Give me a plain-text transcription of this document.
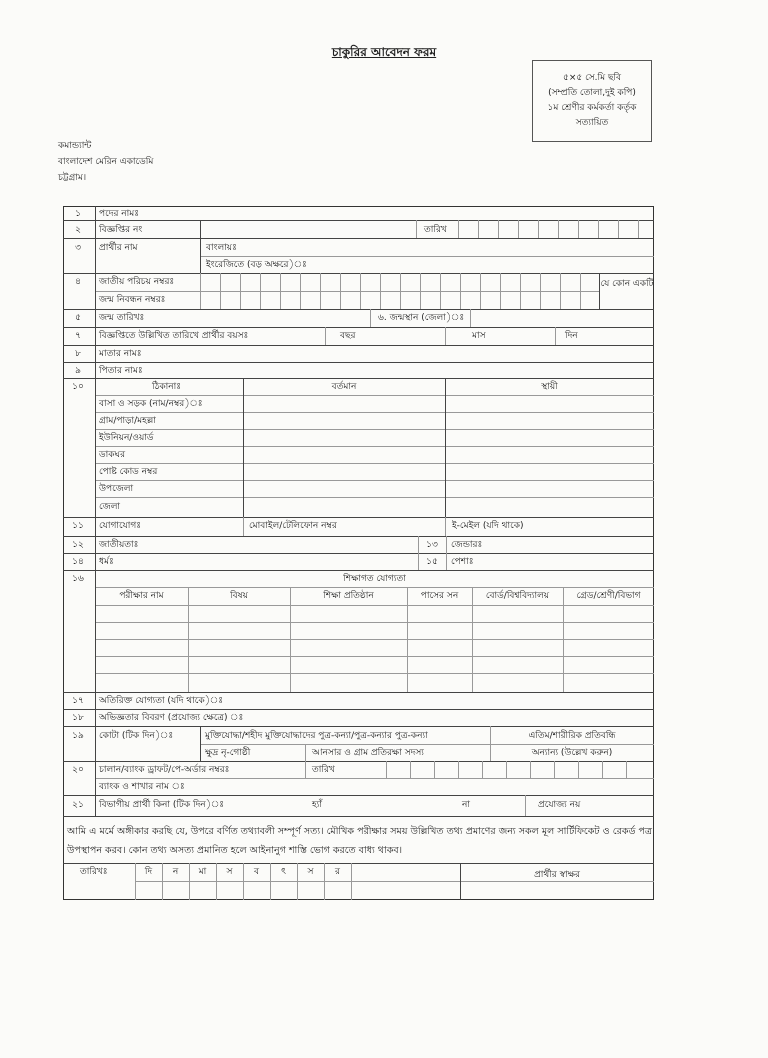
চাকুরির আবেদন ফরম
৫×৫ সে.মি ছবি
(সম্প্রতি তোলা,দুই কপি)
১ম শ্রেণীর কর্মকর্তা কর্তৃক
সত্যায়িত
কমান্ড্যান্ট
বাংলাদেশ মেরিন একাডেমি
চট্টগ্রাম।
১	পদের নামঃ
২	বিজ্ঞপ্তির নং	তারিখ
৩	প্রার্থীর নাম	বাংলায়ঃ
ইংরেজিতে (বড় অক্ষরে)ঃ
৪	জাতীয় পরিচয় নম্বরঃ
জন্ম নিবন্ধন নম্বরঃ
যে কোন একটি
৫	জন্ম তারিখঃ	৬. জন্মস্থান (জেলা)ঃ
৭	বিজ্ঞপ্তিতে উল্লিখিত তারিখে প্রার্থীর বয়সঃ	বছর	মাস	দিন
৮	মাতার নামঃ
৯	পিতার নামঃ
১০	ঠিকানাঃ	বর্তমান	স্থায়ী
বাসা ও সড়ক (নাম/নম্বর)ঃ
গ্রাম/পাড়া/মহল্লা
ইউনিয়ন/ওয়ার্ড
ডাকঘর
পোষ্ট কোড নম্বর
উপজেলা
জেলা
১১	যোগাযোগঃ	মোবাইল/টেলিফোন নম্বর	ই-মেইল (যদি থাকে)
১২	জাতীয়তাঃ	১৩	জেন্ডারঃ
১৪	ধর্মঃ	১৫	পেশাঃ
১৬	শিক্ষাগত যোগ্যতা
পরীক্ষার নাম	বিষয়	শিক্ষা প্রতিষ্ঠান	পাসের সন	বোর্ড/বিশ্ববিদ্যালয়	গ্রেড/শ্রেণী/বিভাগ
১৭	অতিরিক্ত যোগ্যতা (যদি থাকে)ঃ
১৮	অভিজ্ঞতার বিবরণ (প্রযোজ্য ক্ষেত্রে) ঃ
১৯	কোটা (টিক দিন)ঃ	মুক্তিযোদ্ধা/শহীদ মুক্তিযোদ্ধাদের পুত্র-কন্যা/পুত্র-কন্যার পুত্র-কন্যা	এতিম/শারীরিক প্রতিবন্ধি
ক্ষুদ্র নৃ-গোষ্ঠী	আনসার ও গ্রাম প্রতিরক্ষা সদস্য	অন্যান্য (উল্লেখ করুন)
২০	চালান/ব্যাংক ড্রাফট/পে-অর্ডার নম্বরঃ	তারিখ
ব্যাংক ও শাখার নাম ঃ
২১	বিভাগীয় প্রার্থী কিনা (টিক দিন)ঃ	হ্যাঁ	না	প্রযোজ্য নয়
আমি এ মর্মে অঙ্গীকার করছি যে, উপরে বর্ণিত তথ্যাবলী সম্পূর্ণ সত্য। মৌখিক পরীক্ষার সময় উল্লিখিত তথ্য প্রমাণের জন্য সকল মূল সার্টিফিকেট ও রেকর্ড পত্র উপস্থাপন করব। কোন তথ্য অসত্য প্রমানিত হলে আইনানুগ শাস্তি ভোগ করতে বাধ্য থাকব।
তারিখঃ	দি	ন	মা	স	ব	ৎ	স	র	প্রার্থীর স্বাক্ষর
